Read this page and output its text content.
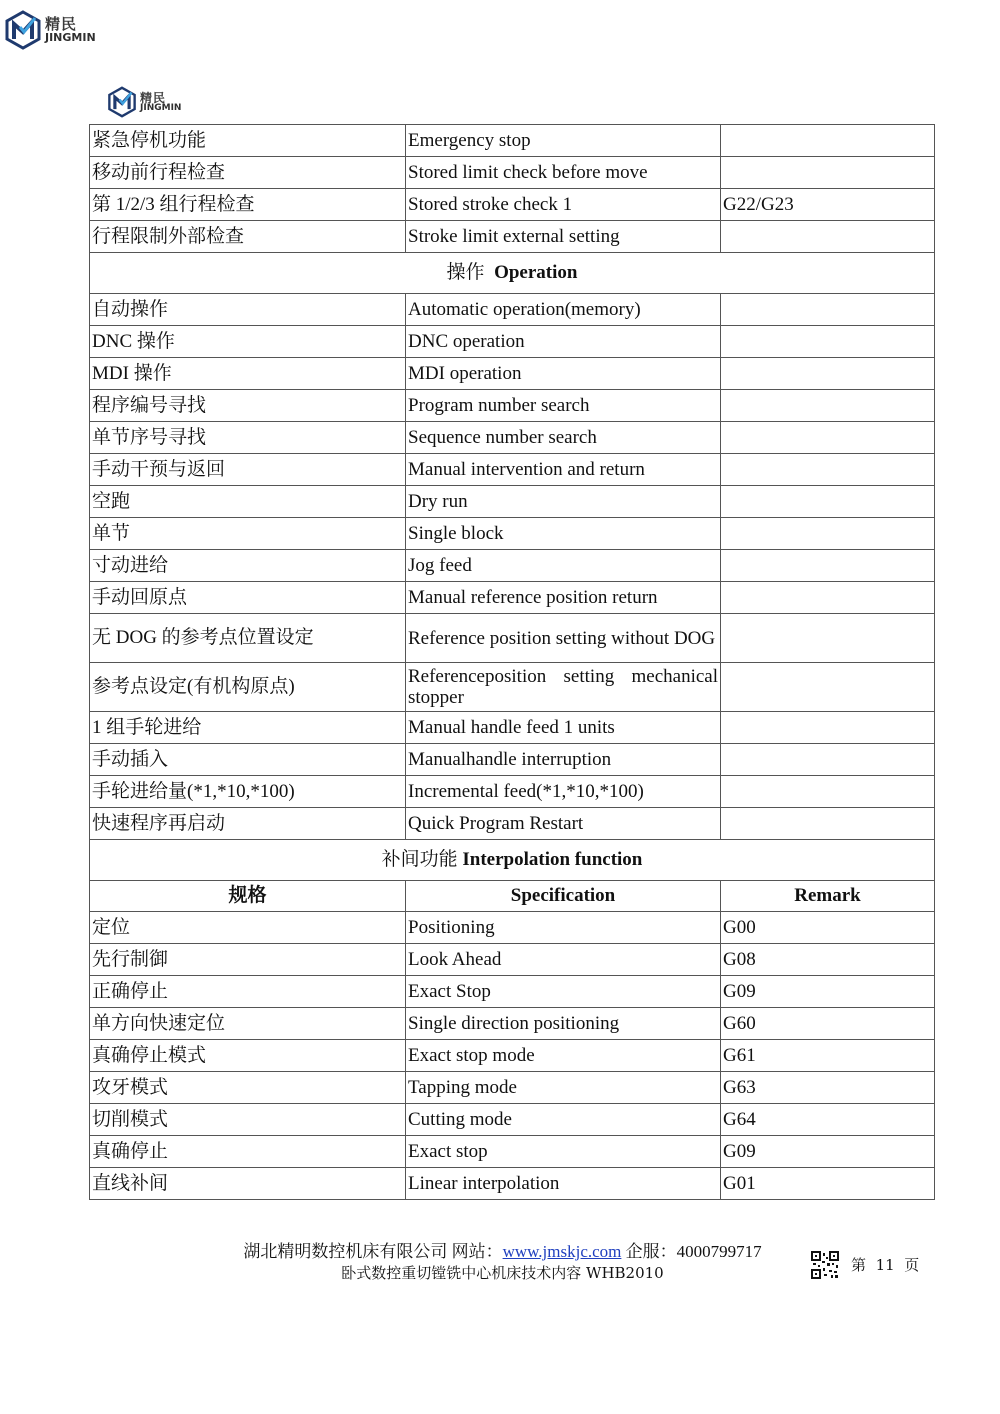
精民
JINGMIN
精民
JINGMIN
紧急停机功能	Emergency stop	
移动前行程检查	Stored limit check before move	
第 1/2/3 组行程检查	Stored stroke check 1	G22/G23
行程限制外部检查	Stroke limit external setting	
操作 Operation		
自动操作	Automatic operation(memory)	
DNC 操作	DNC operation	
MDI 操作	MDI operation	
程序编号寻找	Program number search	
单节序号寻找	Sequence number search	
手动干预与返回	Manual intervention and return	
空跑	Dry run	
单节	Single block	
寸动进给	Jog feed	
手动回原点	Manual reference position return	
无 DOG 的参考点位置设定	Reference position setting without DOG	
参考点设定(有机构原点)	Referenceposition setting mechanical stopper	
1 组手轮进给	Manual handle feed 1 units	
手动插入	Manualhandle interruption	
手轮进给量(*1,*10,*100)	Incremental feed(*1,*10,*100)	
快速程序再启动	Quick Program Restart	
补间功能 Interpolation function		
规格	Specification	Remark
定位	Positioning	G00
先行制御	Look Ahead	G08
正确停止	Exact Stop	G09
单方向快速定位	Single direction positioning	G60
真确停止模式	Exact stop mode	G61
攻牙模式	Tapping mode	G63
切削模式	Cutting mode	G64
真确停止	Exact stop	G09
直线补间	Linear interpolation	G01
湖北精明数控机床有限公司 网站：www.jmskjc.com 企服：4000799717
卧式数控重切镗铣中心机床技术内容 WHB2010	第 11 页
